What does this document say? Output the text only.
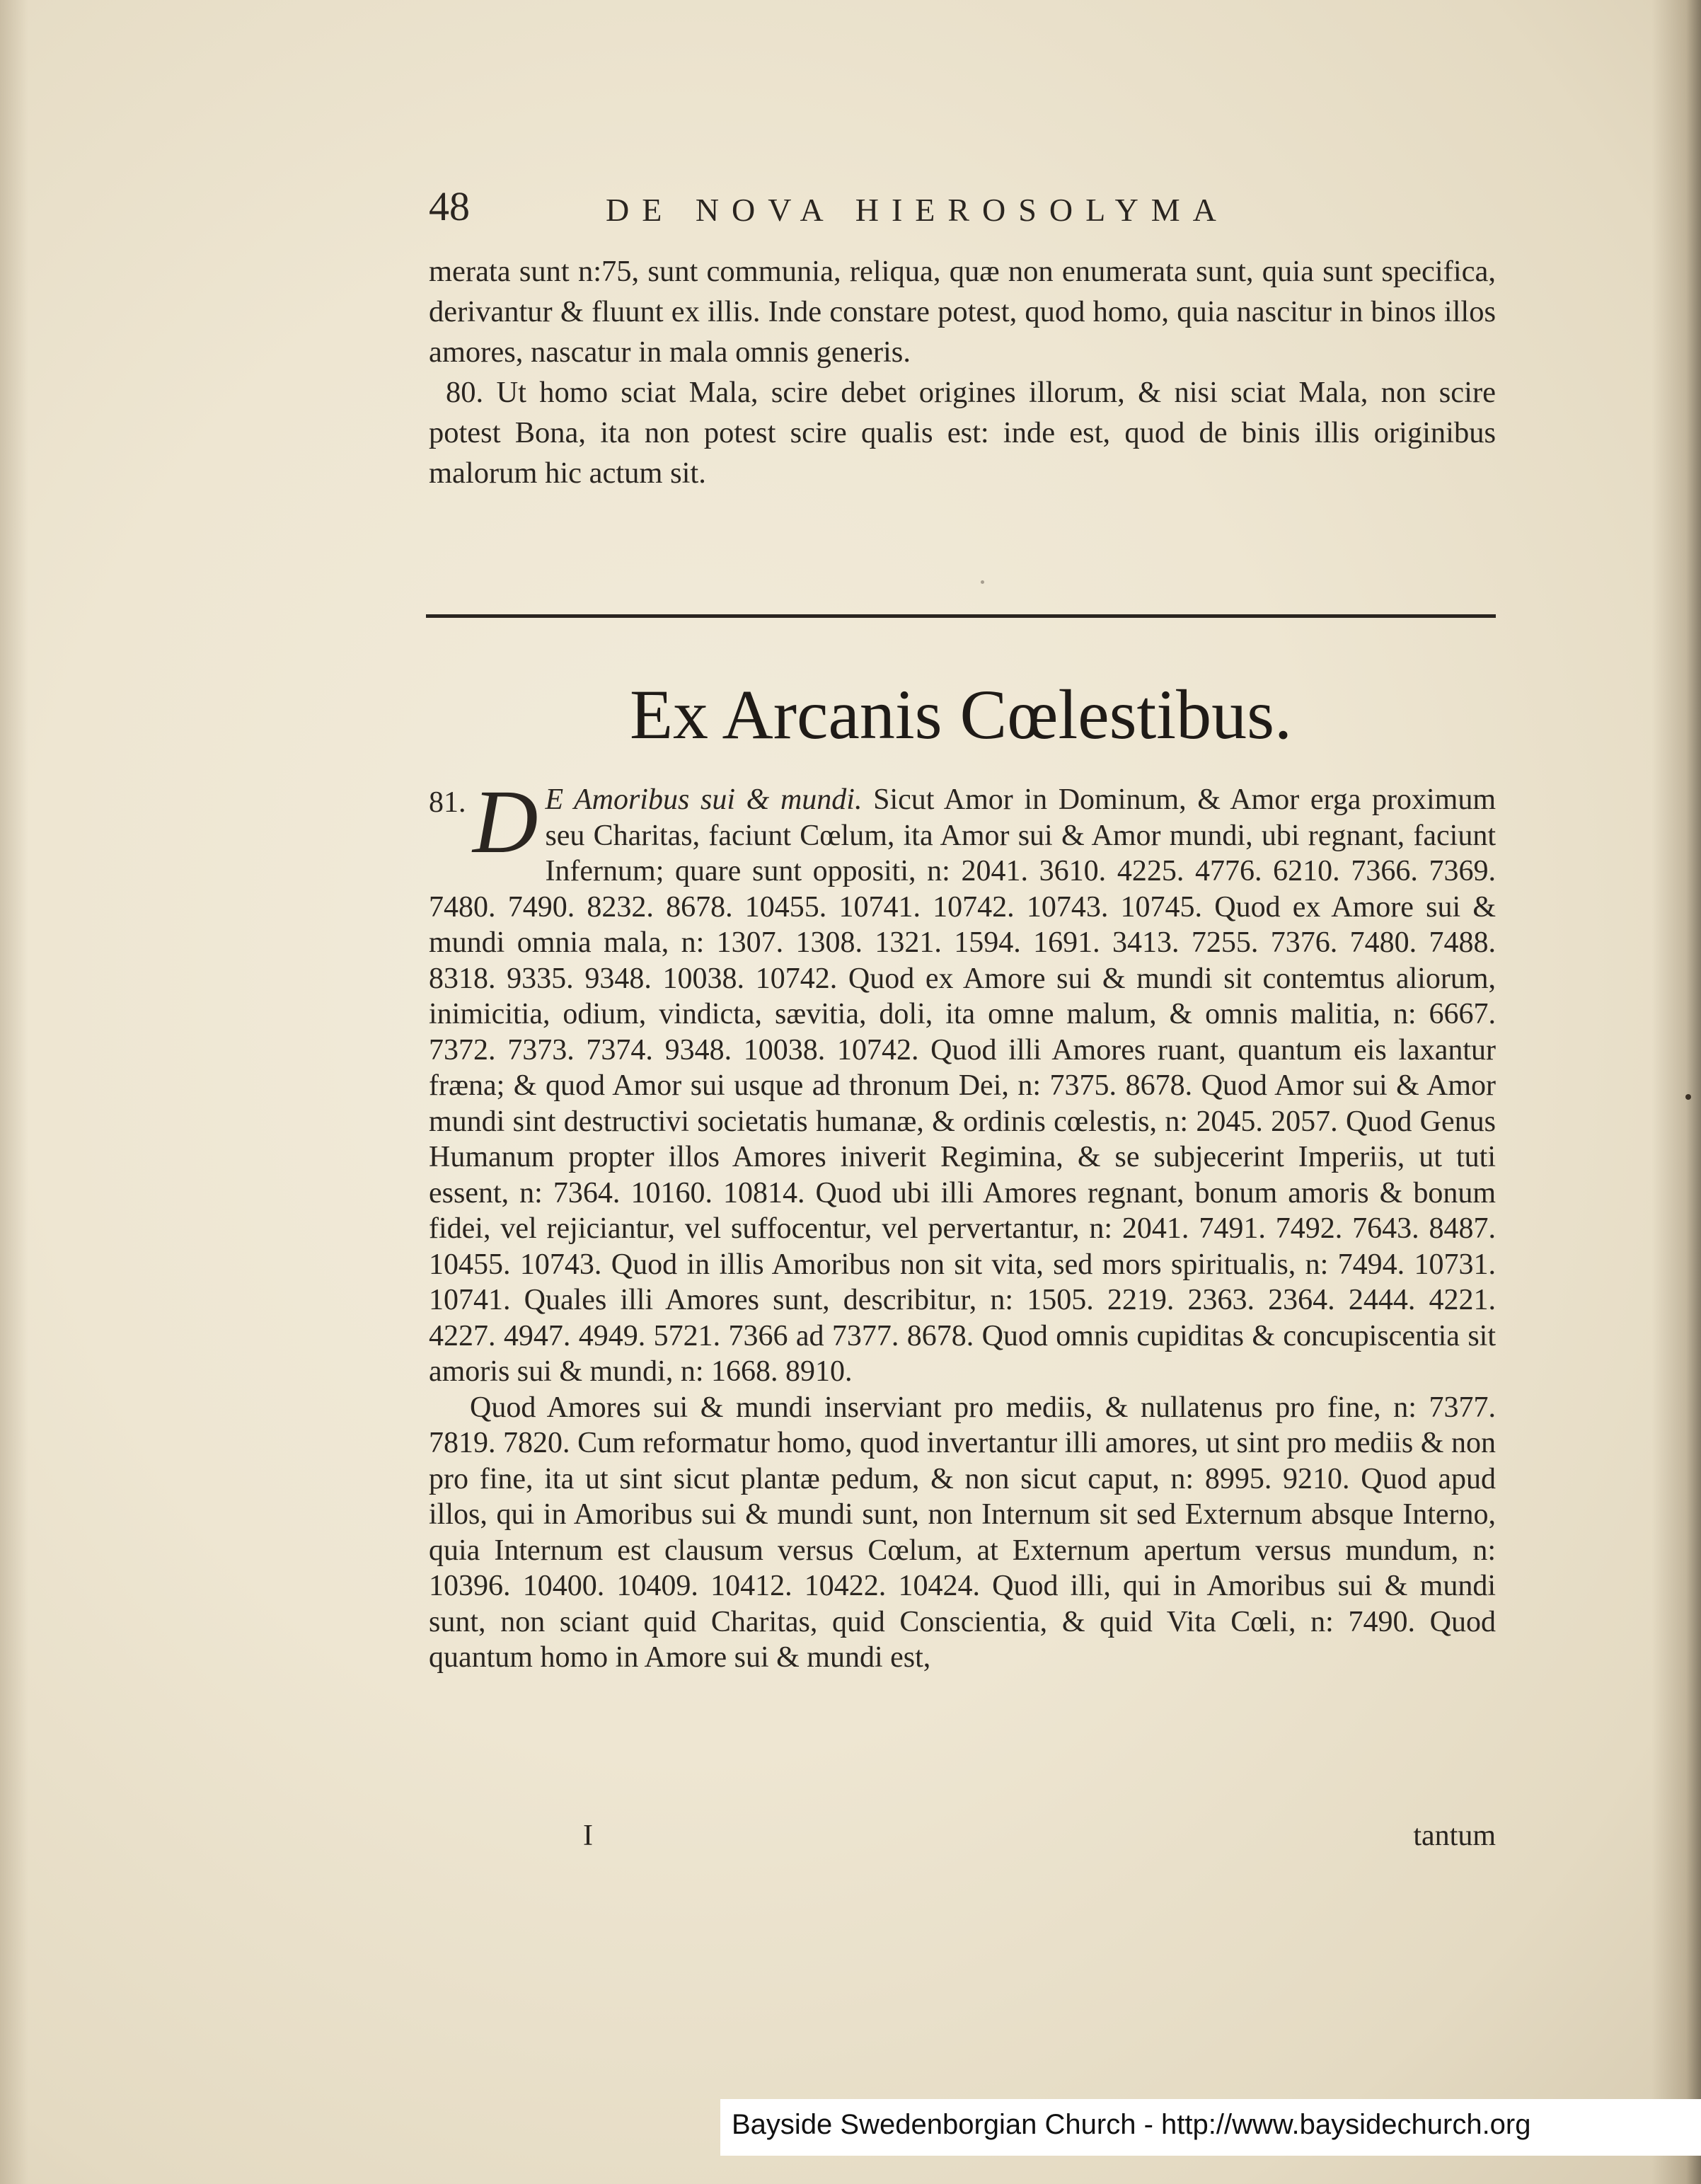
48	DE NOVA HIEROSOLYMA

merata sunt n:75, sunt communia, reliqua, quæ non enumerata sunt, quia sunt specifica, derivantur & fluunt ex illis. Inde constare potest, quod homo, quia nascitur in binos illos amores, nascatur in mala omnis generis.

80. Ut homo sciat Mala, scire debet origines illorum, & nisi sciat Mala, non scire potest Bona, ita non potest scire qualis est: inde est, quod de binis illis originibus malorum hic actum sit.

Ex Arcanis Cœlestibus.

81. D E Amoribus sui & mundi. Sicut Amor in Dominum, & Amor erga proximum seu Charitas, faciunt Cœlum, ita Amor sui & Amor mundi, ubi regnant, faciunt Infernum; quare sunt oppositi, n: 2041. 3610. 4225. 4776. 6210. 7366. 7369. 7480. 7490. 8232. 8678. 10455. 10741. 10742. 10743. 10745. Quod ex Amore sui & mundi omnia mala, n: 1307. 1308. 1321. 1594. 1691. 3413. 7255. 7376. 7480. 7488. 8318. 9335. 9348. 10038. 10742. Quod ex Amore sui & mundi sit contemtus aliorum, inimicitia, odium, vindicta, sævitia, doli, ita omne malum, & omnis malitia, n: 6667. 7372. 7373. 7374. 9348. 10038. 10742. Quod illi Amores ruant, quantum eis laxantur fræna; & quod Amor sui usque ad thronum Dei, n: 7375. 8678. Quod Amor sui & Amor mundi sint destructivi societatis humanæ, & ordinis cœlestis, n: 2045. 2057. Quod Genus Humanum propter illos Amores iniverit Regimina, & se subjecerint Imperiis, ut tuti essent, n: 7364. 10160. 10814. Quod ubi illi Amores regnant, bonum amoris & bonum fidei, vel rejiciantur, vel suffocentur, vel pervertantur, n: 2041. 7491. 7492. 7643. 8487. 10455. 10743. Quod in illis Amoribus non sit vita, sed mors spiritualis, n: 7494. 10731. 10741. Quales illi Amores sunt, describitur, n: 1505. 2219. 2363. 2364. 2444. 4221. 4227. 4947. 4949. 5721. 7366 ad 7377. 8678. Quod omnis cupiditas & concupiscentia sit amoris sui & mundi, n: 1668. 8910.

Quod Amores sui & mundi inserviant pro mediis, & nullatenus pro fine, n: 7377. 7819. 7820. Cum reformatur homo, quod invertantur illi amores, ut sint pro mediis & non pro fine, ita ut sint sicut plantæ pedum, & non sicut caput, n: 8995. 9210. Quod apud illos, qui in Amoribus sui & mundi sunt, non Internum sit sed Externum absque Interno, quia Internum est clausum versus Cœlum, at Externum apertum versus mundum, n: 10396. 10400. 10409. 10412. 10422. 10424. Quod illi, qui in Amoribus sui & mundi sunt, non sciant quid Charitas, quid Conscientia, & quid Vita Cœli, n: 7490. Quod quantum homo in Amore sui & mundi est,

I	tantum
Bayside Swedenborgian Church - http://www.baysidechurch.org
